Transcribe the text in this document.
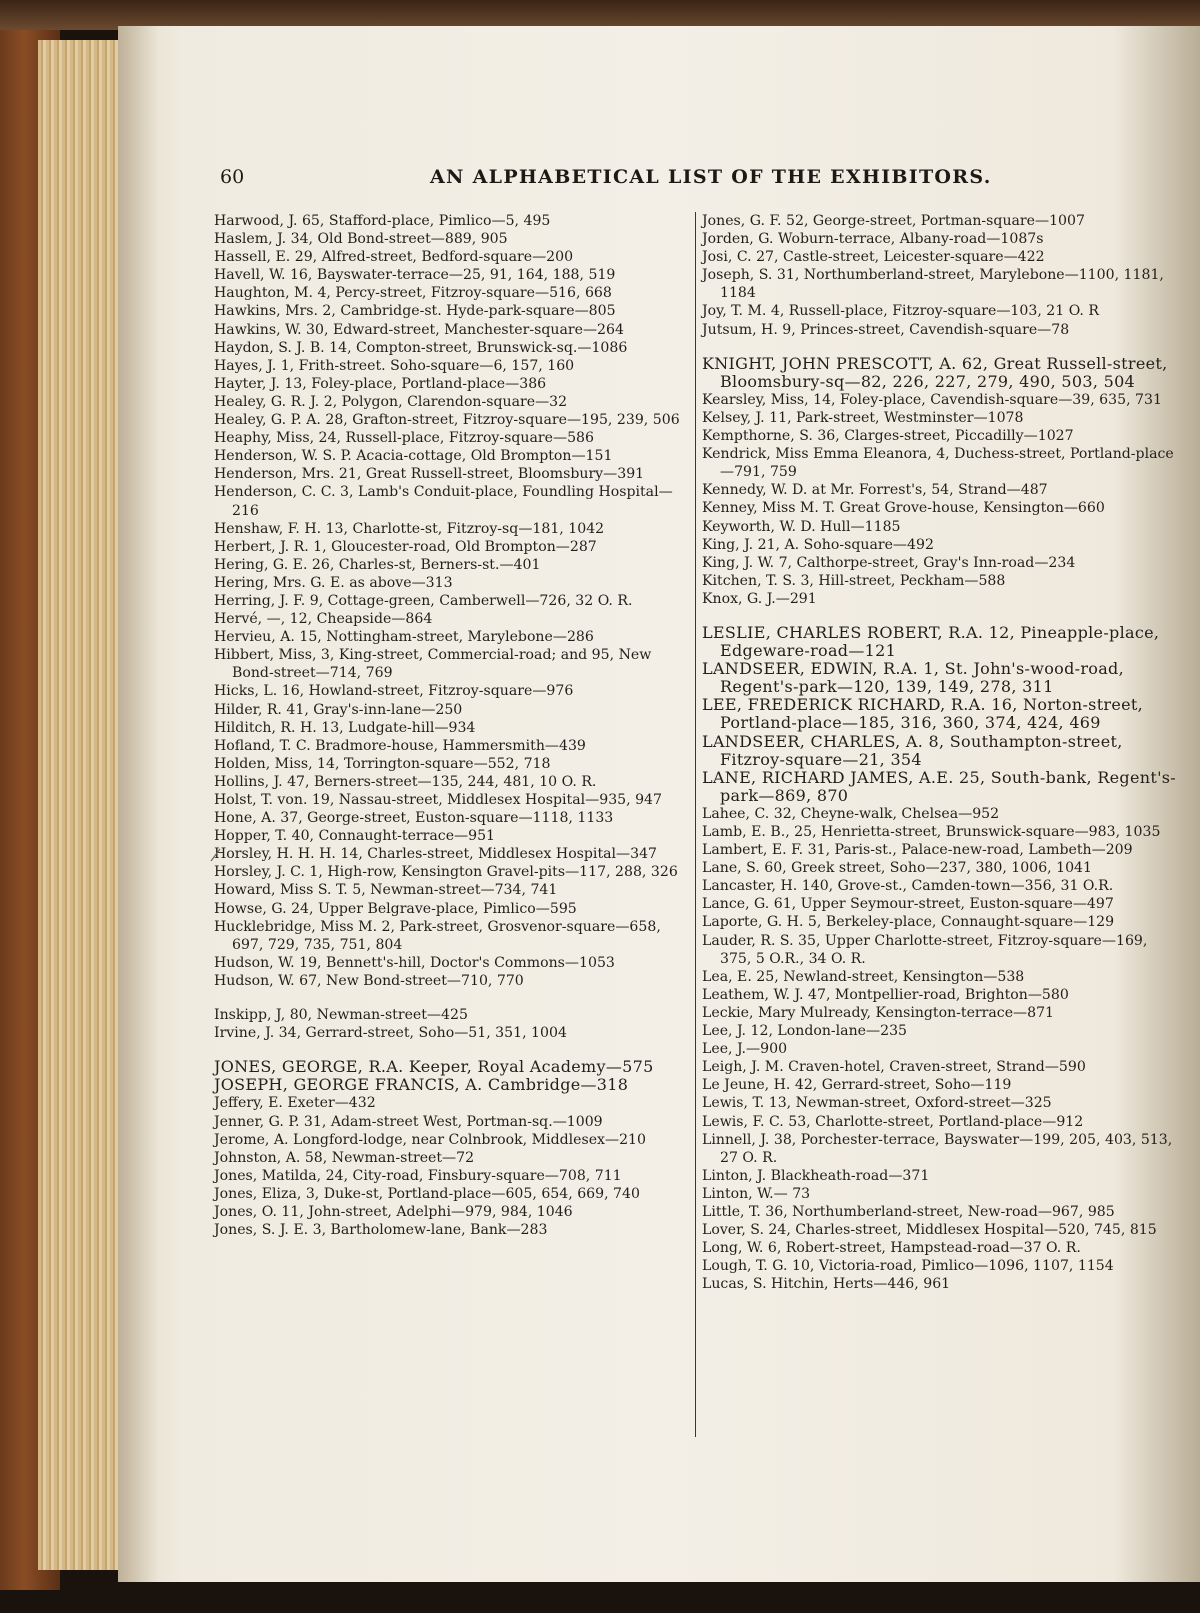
60	AN ALPHABETICAL LIST OF THE EXHIBITORS.

Harwood, J. 65, Stafford-place, Pimlico—5, 495

Haslem, J. 34, Old Bond-street—889, 905

Hassell, E. 29, Alfred-street, Bedford-square—200

Havell, W. 16, Bayswater-terrace—25, 91, 164, 188, 519

Haughton, M. 4, Percy-street, Fitzroy-square—516, 668

Hawkins, Mrs. 2, Cambridge-st. Hyde-park-square—805

Hawkins, W. 30, Edward-street, Manchester-square—264

Haydon, S. J. B. 14, Compton-street, Brunswick-sq.—1086

Hayes, J. 1, Frith-street. Soho-square—6, 157, 160

Hayter, J. 13, Foley-place, Portland-place—386

Healey, G. R. J. 2, Polygon, Clarendon-square—32

Healey, G. P. A. 28, Grafton-street, Fitzroy-square—195, 239, 506

Heaphy, Miss, 24, Russell-place, Fitzroy-square—586

Henderson, W. S. P. Acacia-cottage, Old Brompton—151

Henderson, Mrs. 21, Great Russell-street, Bloomsbury—391

Henderson, C. C. 3, Lamb's Conduit-place, Foundling Hospital—216

Henshaw, F. H. 13, Charlotte-st, Fitzroy-sq—181, 1042

Herbert, J. R. 1, Gloucester-road, Old Brompton—287

Hering, G. E. 26, Charles-st, Berners-st.—401

Hering, Mrs. G. E. as above—313

Herring, J. F. 9, Cottage-green, Camberwell—726, 32 O. R.

Hervé, —, 12, Cheapside—864

Hervieu, A. 15, Nottingham-street, Marylebone—286

Hibbert, Miss, 3, King-street, Commercial-road; and 95, New Bond-street—714, 769

Hicks, L. 16, Howland-street, Fitzroy-square—976

Hilder, R. 41, Gray's-inn-lane—250

Hilditch, R. H. 13, Ludgate-hill—934

Hofland, T. C. Bradmore-house, Hammersmith—439

Holden, Miss, 14, Torrington-square—552, 718

Hollins, J. 47, Berners-street—135, 244, 481, 10 O. R.

Holst, T. von. 19, Nassau-street, Middlesex Hospital—935, 947

Hone, A. 37, George-street, Euston-square—1118, 1133

Hopper, T. 40, Connaught-terrace—951

Horsley, H. H. H. 14, Charles-street, Middlesex Hospital—347

Horsley, J. C. 1, High-row, Kensington Gravel-pits—117, 288, 326

Howard, Miss S. T. 5, Newman-street—734, 741

Howse, G. 24, Upper Belgrave-place, Pimlico—595

Hucklebridge, Miss M. 2, Park-street, Grosvenor-square—658, 697, 729, 735, 751, 804

Hudson, W. 19, Bennett's-hill, Doctor's Commons—1053

Hudson, W. 67, New Bond-street—710, 770

Inskipp, J, 80, Newman-street—425

Irvine, J. 34, Gerrard-street, Soho—51, 351, 1004

JONES, GEORGE, R.A. Keeper, Royal Academy—575

JOSEPH, GEORGE FRANCIS, A. Cambridge—318

Jeffery, E. Exeter—432

Jenner, G. P. 31, Adam-street West, Portman-sq.—1009

Jerome, A. Longford-lodge, near Colnbrook, Middlesex—210

Johnston, A. 58, Newman-street—72

Jones, Matilda, 24, City-road, Finsbury-square—708, 711

Jones, Eliza, 3, Duke-st, Portland-place—605, 654, 669, 740

Jones, O. 11, John-street, Adelphi—979, 984, 1046

Jones, S. J. E. 3, Bartholomew-lane, Bank—283

Jones, G. F. 52, George-street, Portman-square—1007

Jorden, G. Woburn-terrace, Albany-road—1087s

Josi, C. 27, Castle-street, Leicester-square—422

Joseph, S. 31, Northumberland-street, Marylebone—1100, 1181, 1184

Joy, T. M. 4, Russell-place, Fitzroy-square—103, 21 O. R

Jutsum, H. 9, Princes-street, Cavendish-square—78

KNIGHT, JOHN PRESCOTT, A. 62, Great Russell-street, Bloomsbury-sq—82, 226, 227, 279, 490, 503, 504

Kearsley, Miss, 14, Foley-place, Cavendish-square—39, 635, 731

Kelsey, J. 11, Park-street, Westminster—1078

Kempthorne, S. 36, Clarges-street, Piccadilly—1027

Kendrick, Miss Emma Eleanora, 4, Duchess-street, Portland-place—791, 759

Kennedy, W. D. at Mr. Forrest's, 54, Strand—487

Kenney, Miss M. T. Great Grove-house, Kensington—660

Keyworth, W. D. Hull—1185

King, J. 21, A. Soho-square—492

King, J. W. 7, Calthorpe-street, Gray's Inn-road—234

Kitchen, T. S. 3, Hill-street, Peckham—588

Knox, G. J.—291

LESLIE, CHARLES ROBERT, R.A. 12, Pineapple-place, Edgeware-road—121

LANDSEER, EDWIN, R.A. 1, St. John's-wood-road, Regent's-park—120, 139, 149, 278, 311

LEE, FREDERICK RICHARD, R.A. 16, Norton-street, Portland-place—185, 316, 360, 374, 424, 469

LANDSEER, CHARLES, A. 8, Southampton-street, Fitzroy-square—21, 354

LANE, RICHARD JAMES, A.E. 25, South-bank, Regent's-park—869, 870

Lahee, C. 32, Cheyne-walk, Chelsea—952

Lamb, E. B., 25, Henrietta-street, Brunswick-square—983, 1035

Lambert, E. F. 31, Paris-st., Palace-new-road, Lambeth—209

Lane, S. 60, Greek street, Soho—237, 380, 1006, 1041

Lancaster, H. 140, Grove-st., Camden-town—356, 31 O.R.

Lance, G. 61, Upper Seymour-street, Euston-square—497

Laporte, G. H. 5, Berkeley-place, Connaught-square—129

Lauder, R. S. 35, Upper Charlotte-street, Fitzroy-square—169, 375, 5 O.R., 34 O. R.

Lea, E. 25, Newland-street, Kensington—538

Leathem, W. J. 47, Montpellier-road, Brighton—580

Leckie, Mary Mulready, Kensington-terrace—871

Lee, J. 12, London-lane—235

Lee, J.—900

Leigh, J. M. Craven-hotel, Craven-street, Strand—590

Le Jeune, H. 42, Gerrard-street, Soho—119

Lewis, T. 13, Newman-street, Oxford-street—325

Lewis, F. C. 53, Charlotte-street, Portland-place—912

Linnell, J. 38, Porchester-terrace, Bayswater—199, 205, 403, 513, 27 O. R.

Linton, J. Blackheath-road—371

Linton, W.— 73

Little, T. 36, Northumberland-street, New-road—967, 985

Lover, S. 24, Charles-street, Middlesex Hospital—520, 745, 815

Long, W. 6, Robert-street, Hampstead-road—37 O. R.

Lough, T. G. 10, Victoria-road, Pimlico—1096, 1107, 1154

Lucas, S. Hitchin, Herts—446, 961
